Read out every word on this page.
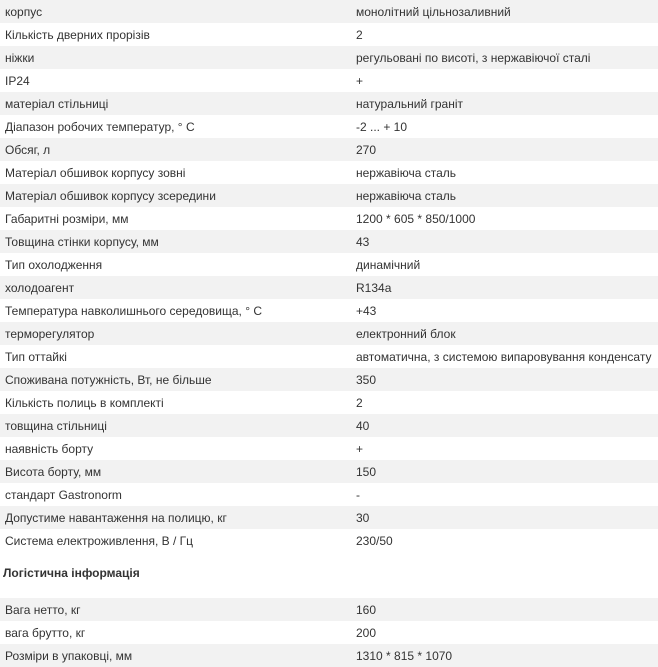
корпус	монолітний цільнозаливний
Кількість дверних прорізів	2
ніжки	регульовані по висоті, з нержавіючої сталі
IP24	+
матеріал стільниці	натуральний граніт
Діапазон робочих температур, ° С	-2 ... + 10
Обсяг, л	270
Матеріал обшивок корпусу зовні	нержавіюча сталь
Матеріал обшивок корпусу зсередини	нержавіюча сталь
Габаритні розміри, мм	1200 * 605 * 850/1000
Товщина стінки корпусу, мм	43
Тип охолодження	динамічний
холодоагент	R134a
Температура навколишнього середовища, ° С	+43
терморегулятор	електронний блок
Тип оттайкі	автоматична, з системою випаровування конденсату
Споживана потужність, Вт, не більше	350
Кількість полиць в комплекті	2
товщина стільниці	40
наявність борту	+
Висота борту, мм	150
стандарт Gastronorm	-
Допустиме навантаження на полицю, кг	30
Система електроживлення, В / Гц	230/50
Логістична інформація
Вага нетто, кг	160
вага брутто, кг	200
Розміри в упаковці, мм	1310 * 815 * 1070
